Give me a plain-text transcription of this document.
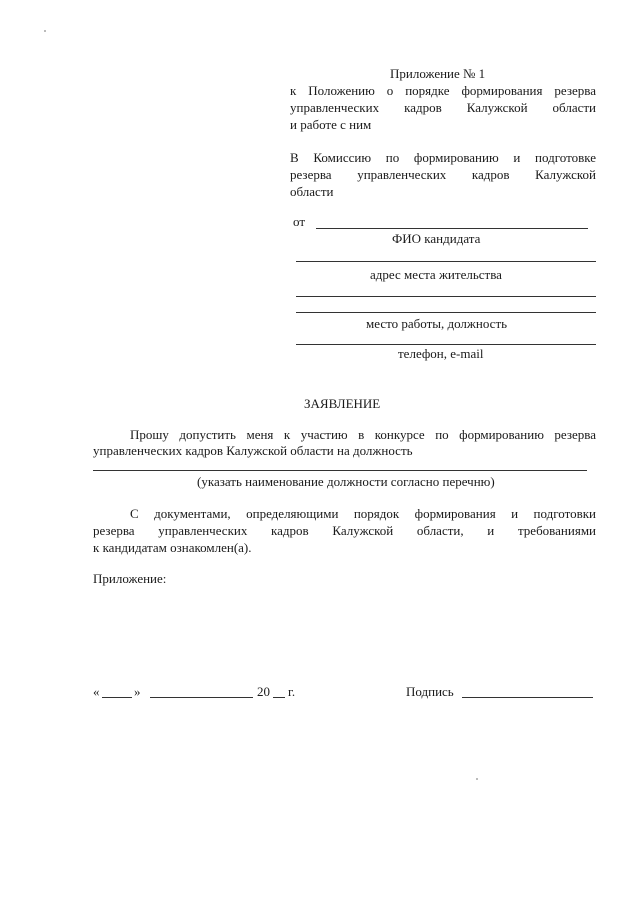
Приложение № 1
к Положению о порядке формирования резерва
управленческих кадров Калужской области
и работе с ним
В Комиссию по формированию и подготовке
резерва управленческих кадров Калужской
области
от
ФИО кандидата
адрес места жительства
место работы, должность
телефон, e-mail
ЗАЯВЛЕНИЕ
Прошу допустить меня к участию в конкурсе по формированию резерва
управленческих кадров Калужской области на должность
(указать наименование должности согласно перечню)
С документами, определяющими порядок формирования и подготовки
резерва управленческих кадров Калужской области, и требованиями
к кандидатам ознакомлен(а).
Приложение:
«	»	20 г.	Подпись
